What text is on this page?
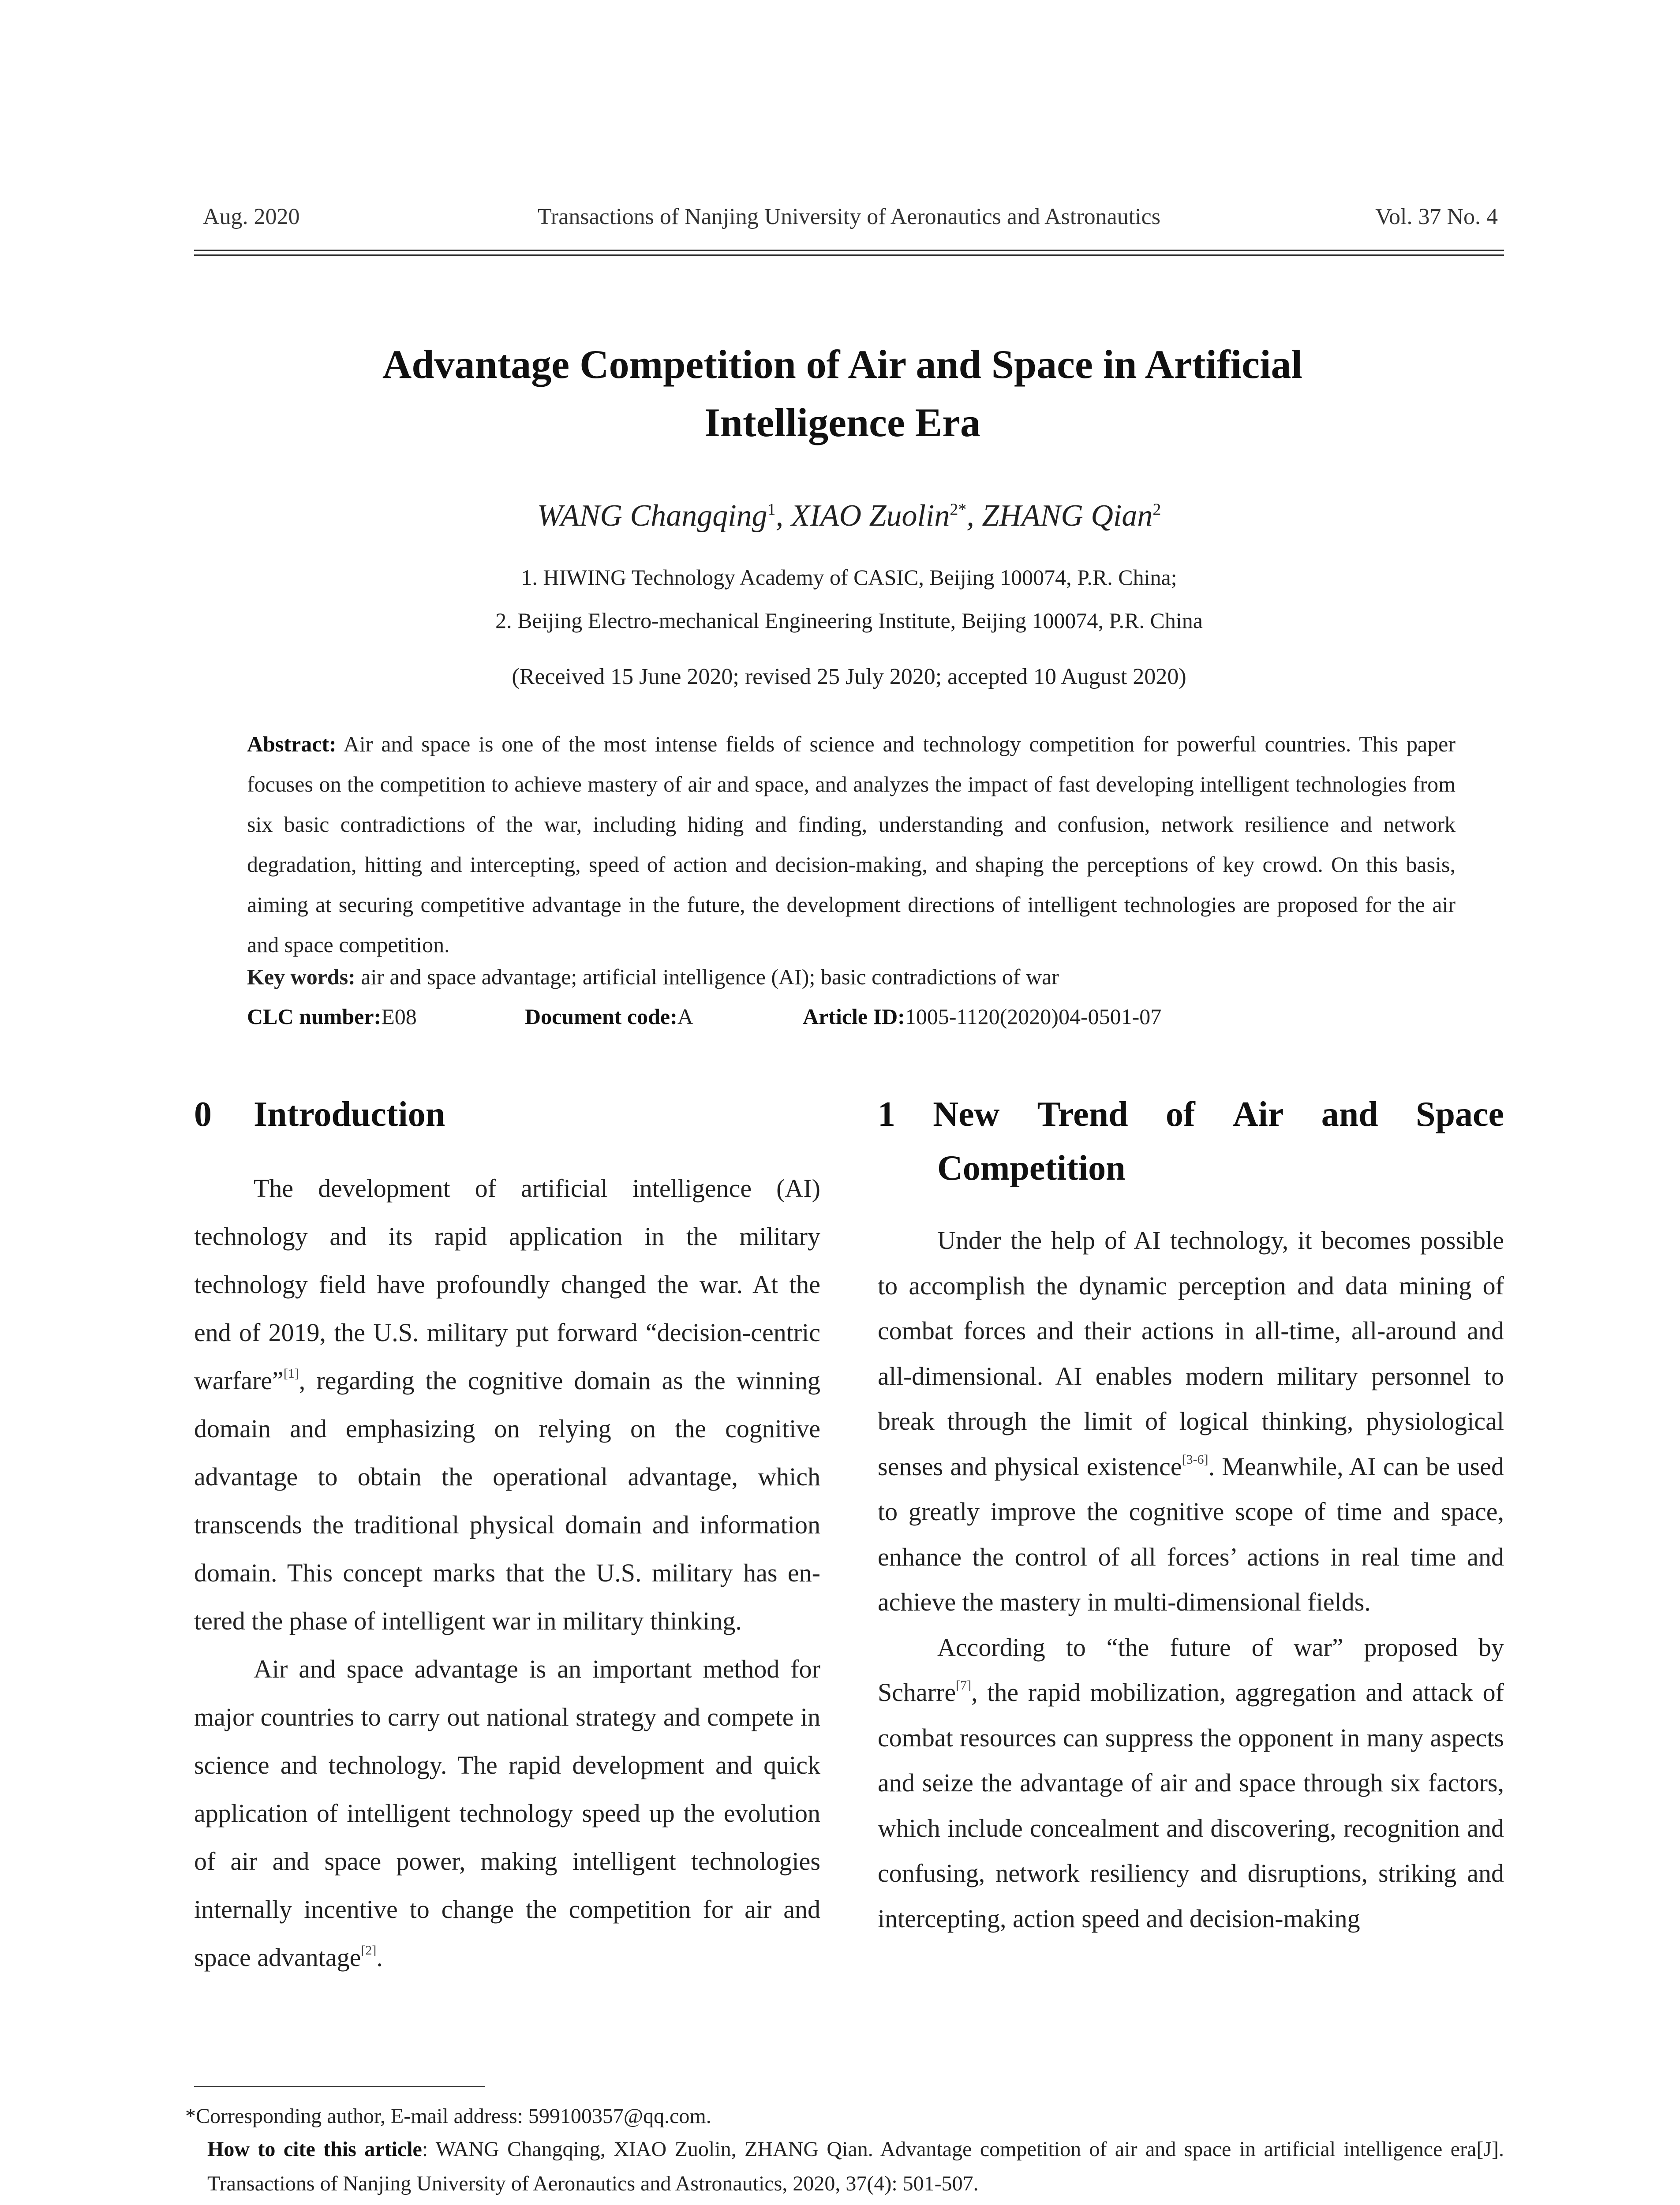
Aug. 2020	Transactions of Nanjing University of Aeronautics and Astronautics	Vol. 37 No. 4
Advantage Competition of Air and Space in Artificial
Intelligence Era
WANG Changqing$^1$, XIAO Zuolin$^{2*}$, ZHANG Qian$^2$
1. HIWING Technology Academy of CASIC, Beijing 100074, P.R. China;
2. Beijing Electro-mechanical Engineering Institute, Beijing 100074, P.R. China
(Received 15 June 2020; revised 25 July 2020; accepted 10 August 2020)
Abstract: Air and space is one of the most intense fields of science and technology competition for powerful countries. This paper focuses on the competition to achieve mastery of air and space, and analyzes the impact of fast developing intelligent technologies from six basic contradictions of the war, including hiding and finding, understanding and confusion, network resilience and network degradation, hitting and intercepting, speed of action and decision-making, and shaping the perceptions of key crowd. On this basis, aiming at securing competitive advantage in the future, the development directions of intelligent technologies are proposed for the air and space competition.
Key words: air and space advantage; artificial intelligence (AI); basic contradictions of war
CLC number:E08	Document code:A	Article ID:1005-1120(2020)04-0501-07
0 Introduction	1 New Trend of Air and Space
Competition

The development of artificial intelligence (AI) technology and its rapid application in the military technology field have profoundly changed the war. At the end of 2019, the U.S. military put forward “decision-centric warfare”[1], regarding the cognitive domain as the winning domain and emphasizing on relying on the cognitive advantage to obtain the operational advantage, which transcends the traditional physical domain and information domain. This concept marks that the U.S. military has entered the phase of intelligent war in military thinking.

Air and space advantage is an important method for major countries to carry out national strategy and compete in science and technology. The rapid development and quick application of intelligent technology speed up the evolution of air and space power, making intelligent technologies internally incentive to change the competition for air and space advantage[2].

Under the help of AI technology, it becomes possible to accomplish the dynamic perception and data mining of combat forces and their actions in all-time, all-around and all-dimensional. AI enables modern military personnel to break through the limit of logical thinking, physiological senses and physical existence[3-6]. Meanwhile, AI can be used to greatly improve the cognitive scope of time and space, enhance the control of all forces’ actions in real time and achieve the mastery in multi-dimensional fields.

According to “the future of war” proposed by Scharre[7], the rapid mobilization, aggregation and attack of combat resources can suppress the opponent in many aspects and seize the advantage of air and space through six factors, which include concealment and discovering, recognition and confusing, network resiliency and disruptions, striking and intercepting, action speed and decision-making

*Corresponding author, E-mail address: 599100357@qq.com.
How to cite this article: WANG Changqing, XIAO Zuolin, ZHANG Qian. Advantage competition of air and space in artificial intelligence era[J]. Transactions of Nanjing University of Aeronautics and Astronautics, 2020, 37(4): 501-507.
